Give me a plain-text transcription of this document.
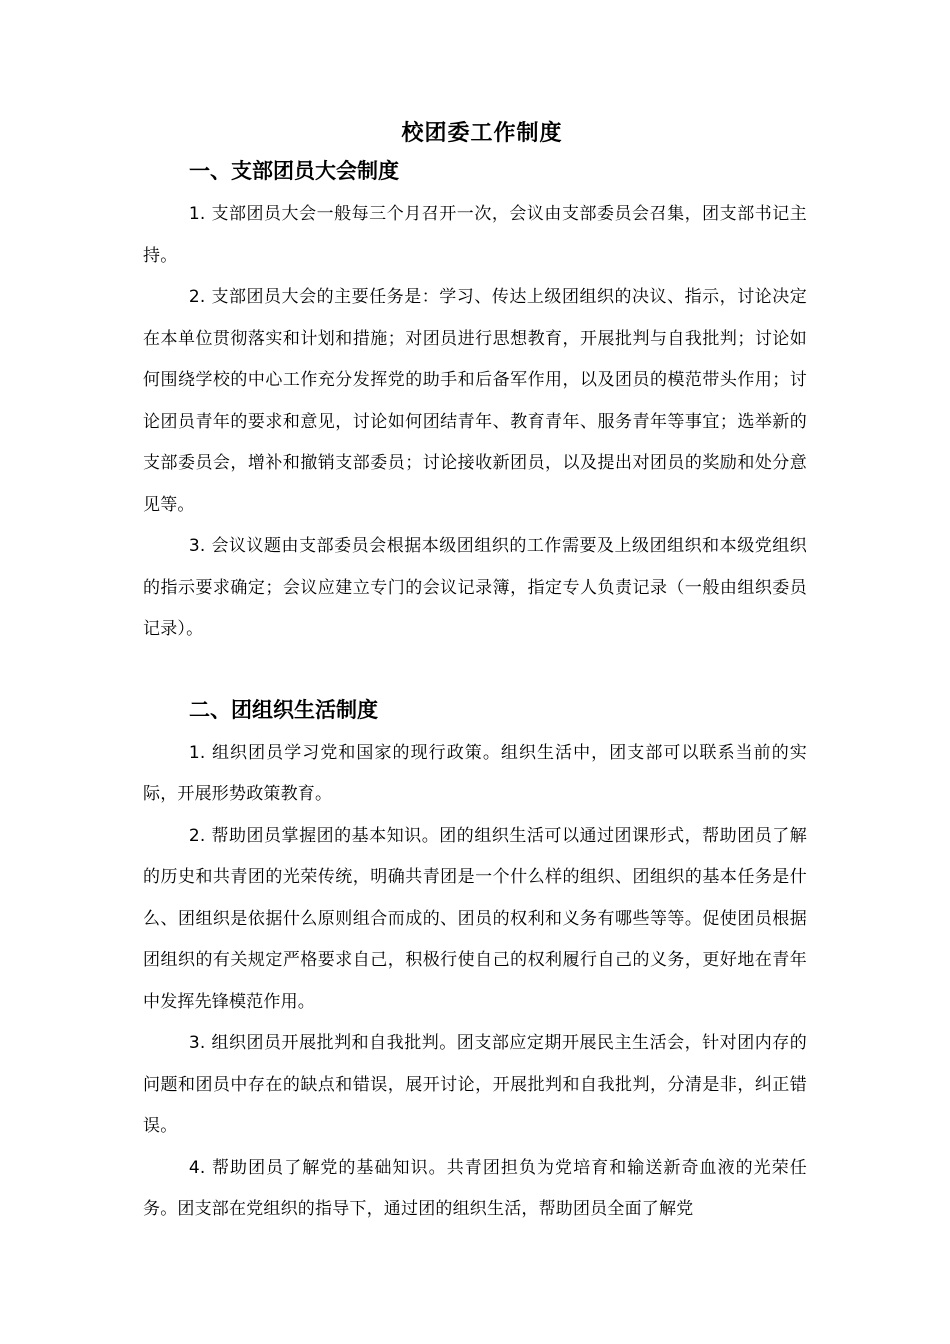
校团委工作制度
一、支部团员大会制度

1. 支部团员大会一般每三个月召开一次，会议由支部委员会召集，团支部书记主持。

2. 支部团员大会的主要任务是：学习、传达上级团组织的决议、指示，讨论决定在本单位贯彻落实和计划和措施；对团员进行思想教育，开展批判与自我批判；讨论如何围绕学校的中心工作充分发挥党的助手和后备军作用，以及团员的模范带头作用；讨论团员青年的要求和意见，讨论如何团结青年、教育青年、服务青年等事宜；选举新的支部委员会，增补和撤销支部委员；讨论接收新团员，以及提出对团员的奖励和处分意见等。

3. 会议议题由支部委员会根据本级团组织的工作需要及上级团组织和本级党组织的指示要求确定；会议应建立专门的会议记录簿，指定专人负责记录（一般由组织委员记录）。

二、团组织生活制度

1. 组织团员学习党和国家的现行政策。组织生活中，团支部可以联系当前的实际，开展形势政策教育。

2. 帮助团员掌握团的基本知识。团的组织生活可以通过团课形式，帮助团员了解的历史和共青团的光荣传统，明确共青团是一个什么样的组织、团组织的基本任务是什么、团组织是依据什么原则组合而成的、团员的权利和义务有哪些等等。促使团员根据团组织的有关规定严格要求自己，积极行使自己的权利履行自己的义务，更好地在青年中发挥先锋模范作用。

3. 组织团员开展批判和自我批判。团支部应定期开展民主生活会，针对团内存的问题和团员中存在的缺点和错误，展开讨论，开展批判和自我批判，分清是非，纠正错误。

4. 帮助团员了解党的基础知识。共青团担负为党培育和输送新奇血液的光荣任务。团支部在党组织的指导下，通过团的组织生活，帮助团员全面了解党
